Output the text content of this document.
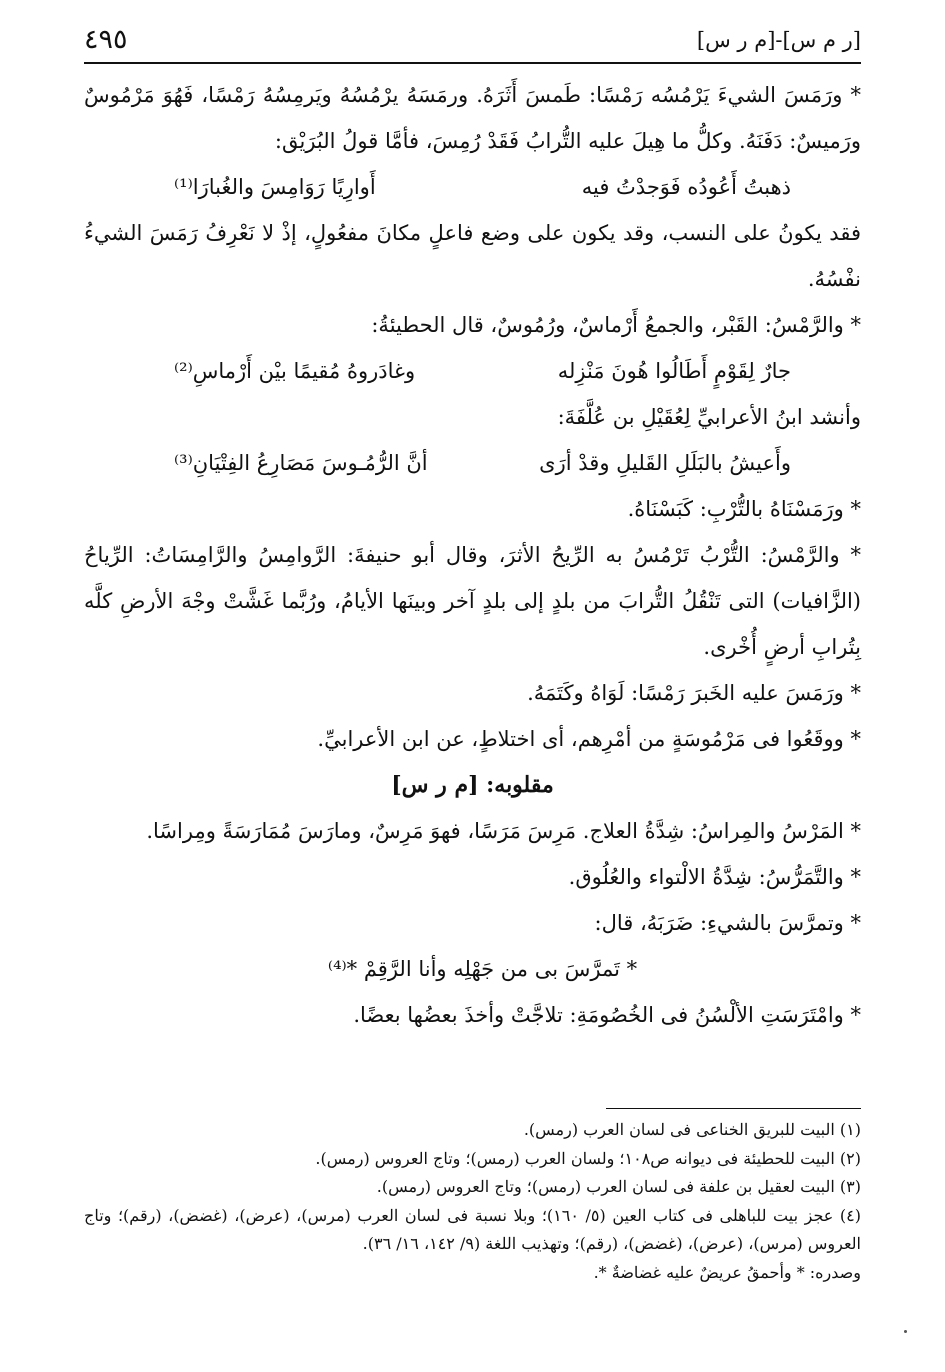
[ر م س]-[م ر س]
٤٩٥

* ورَمَسَ الشيءَ يَرْمُسُه رَمْسًا: طَمسَ أَثَرَهُ. ورمَسَهُ يرْمُسُهُ ويَرمِسُهُ رَمْسًا، فَهُوَ مَرْمُوسٌ ورَميسٌ: دَفَنَهُ. وكلُّ ما هِيلَ عليه التُّرابُ فَقَدْ رُمِسَ، فأمَّا قولُ البُرَيْق:

ذهبتُ أَعُودُه فَوَجدْتُ فيه
أَوارِيًا رَوَامِسَ والغُبارَا⁽¹⁾

فقد يكونُ على النسب، وقد يكون على وضع فاعلٍ مكانَ مفعُولٍ، إذْ لا نَعْرِفُ رَمَسَ الشيءُ نفْسُهُ.

* والرَّمْسُ: القَبْر، والجمعُ أَرْماسٌ، ورُمُوسٌ، قال الحطيئةُ:

جارٌ لِقَوْمٍ أَطَالُوا هُونَ مَنْزِله
وغادَروهُ مُقيمًا بيْن أَرْماسِ⁽²⁾

وأنشد ابنُ الأعرابيِّ لِعُقَيْلِ بن عُلَّفَةَ:

وأَعيشُ بالبَلَلِ القَليلِ وقدْ أرَى
أنَّ الرُّمُـوسَ مَصَارِعُ الفِتْيَانِ⁽³⁾

* ورَمَسْنَاهُ بالتُّرْبِ: كَبَسْنَاهُ.

* والرَّمْسُ: التُّرْبُ تَرْمُسُ به الرِّيحُ الأثرَ، وقال أبو حنيفةَ: الرَّوامِسُ والرَّامِسَاتُ: الرِّياحُ (الزَّافيات) التى تَنْقُلُ التُّرابَ من بلدٍ إلى بلدٍ آخر وبينَها الأيامُ، ورُبَّما غَشَّتْ وجْهَ الأرضِ كلَّه بِتُرابِ أرضٍ أُخْرى.

* ورَمَسَ عليه الخَبرَ رَمْسًا: لَوَاهُ وكَتَمَهُ.

* ووقَعُوا فى مَرْمُوسَةٍ من أمْرِهم، أى اختلاطٍ، عن ابن الأعرابيِّ.

مقلوبه: [م ر س]

* المَرْسُ والمِراسُ: شِدَّةُ العلاج. مَرِسَ مَرَسًا، فهوَ مَرِسٌ، ومارَسَ مُمَارَسَةً ومِراسًا.

* والتَّمَرُّسُ: شِدَّةُ الالْتواء والعُلُوق.

* وتمرَّسَ بالشيءِ: ضَرَبَهُ، قال:

* تَمرَّسَ بى من جَهْلِه وأنا الرَّقِمْ *⁽⁴⁾

* وامْتَرَسَتِ الألْسُنُ فى الخُصُومَةِ: تلاجَّتْ وأخذَ بعضُها بعضًا.

(١) البيت للبريق الخناعى فى لسان العرب (رمس).

(٢) البيت للحطيئة فى ديوانه ص١٠٨؛ ولسان العرب (رمس)؛ وتاج العروس (رمس).

(٣) البيت لعقيل بن علفة فى لسان العرب (رمس)؛ وتاج العروس (رمس).

(٤) عجز بيت للباهلى فى كتاب العين (٥/ ١٦٠)؛ وبلا نسبة فى لسان العرب (مرس)، (عرض)، (غضض)، (رقم)؛ وتاج العروس (مرس)، (عرض)، (غضض)، (رقم)؛ وتهذيب اللغة (٩/ ١٤٢، ١٦/ ٣٦).

وصدره: * وأحمقُ عريضٌ عليه غضاضةٌ *.
